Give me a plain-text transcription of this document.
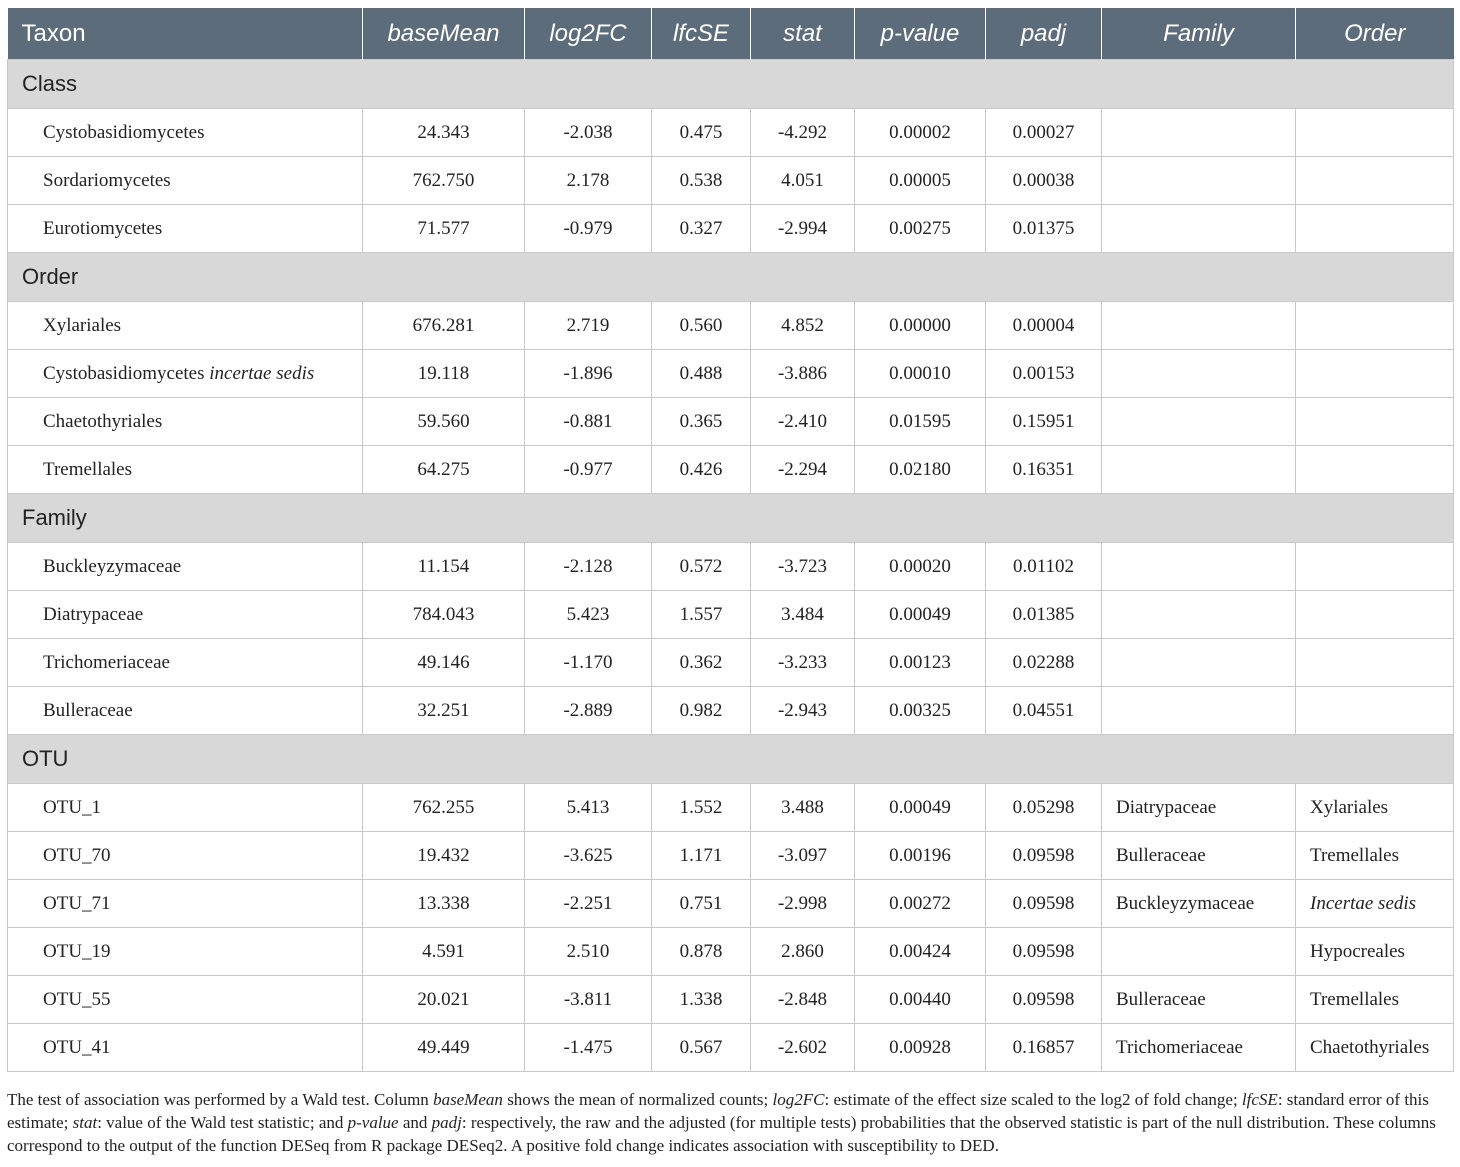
Taxon	baseMean	log2FC	lfcSE	stat	p-value	padj	Family	Order
Class								
Cystobasidiomycetes	24.343	-2.038	0.475	-4.292	0.00002	0.00027		
Sordariomycetes	762.750	2.178	0.538	4.051	0.00005	0.00038		
Eurotiomycetes	71.577	-0.979	0.327	-2.994	0.00275	0.01375		
Order								
Xylariales	676.281	2.719	0.560	4.852	0.00000	0.00004		
Cystobasidiomycetes incertae sedis	19.118	-1.896	0.488	-3.886	0.00010	0.00153		
Chaetothyriales	59.560	-0.881	0.365	-2.410	0.01595	0.15951		
Tremellales	64.275	-0.977	0.426	-2.294	0.02180	0.16351		
Family								
Buckleyzymaceae	11.154	-2.128	0.572	-3.723	0.00020	0.01102		
Diatrypaceae	784.043	5.423	1.557	3.484	0.00049	0.01385		
Trichomeriaceae	49.146	-1.170	0.362	-3.233	0.00123	0.02288		
Bulleraceae	32.251	-2.889	0.982	-2.943	0.00325	0.04551		
OTU								
OTU_1	762.255	5.413	1.552	3.488	0.00049	0.05298	Diatrypaceae	Xylariales
OTU_70	19.432	-3.625	1.171	-3.097	0.00196	0.09598	Bulleraceae	Tremellales
OTU_71	13.338	-2.251	0.751	-2.998	0.00272	0.09598	Buckleyzymaceae	Incertae sedis
OTU_19	4.591	2.510	0.878	2.860	0.00424	0.09598		Hypocreales
OTU_55	20.021	-3.811	1.338	-2.848	0.00440	0.09598	Bulleraceae	Tremellales
OTU_41	49.449	-1.475	0.567	-2.602	0.00928	0.16857	Trichomeriaceae	Chaetothyriales
The test of association was performed by a Wald test. Column baseMean shows the mean of normalized counts; log2FC: estimate of the effect size scaled to the log2 of fold change; lfcSE: standard error of this estimate; stat: value of the Wald test statistic; and p-value and padj: respectively, the raw and the adjusted (for multiple tests) probabilities that the observed statistic is part of the null distribution. These columns correspond to the output of the function DESeq from R package DESeq2. A positive fold change indicates association with susceptibility to DED.
